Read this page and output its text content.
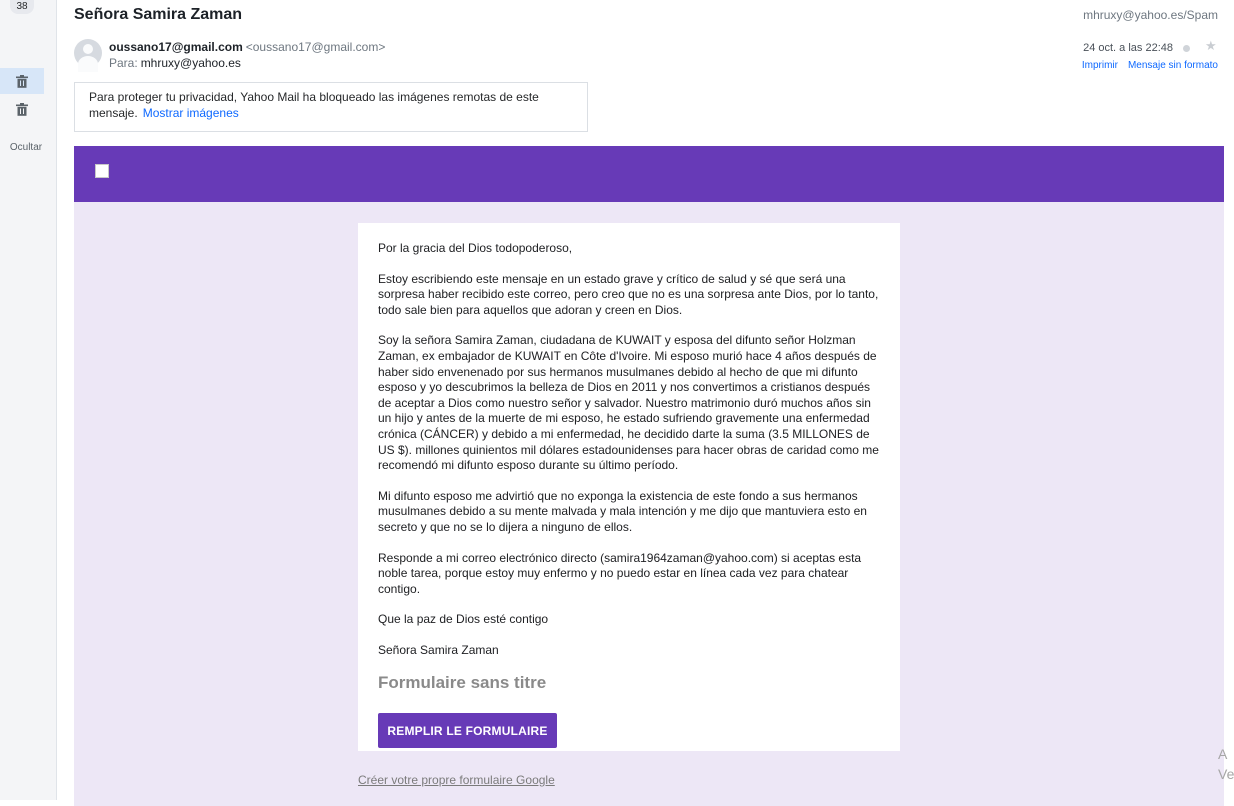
38
Ocultar
Señora Samira Zaman	mhruxy@yahoo.es/Spam
oussano17@gmail.com <oussano17@gmail.com>
Para: mhruxy@yahoo.es
24 oct. a las 22:48 ★
Imprimir Mensaje sin formato
Para proteger tu privacidad, Yahoo Mail ha bloqueado las imágenes remotas de este mensaje. Mostrar imágenes

Por la gracia del Dios todopoderoso,

Estoy escribiendo este mensaje en un estado grave y crítico de salud y sé que será una sorpresa haber recibido este correo, pero creo que no es una sorpresa ante Dios, por lo tanto, todo sale bien para aquellos que adoran y creen en Dios.

Soy la señora Samira Zaman, ciudadana de KUWAIT y esposa del difunto señor Holzman Zaman, ex embajador de KUWAIT en Côte d'Ivoire. Mi esposo murió hace 4 años después de haber sido envenenado por sus hermanos musulmanes debido al hecho de que mi difunto esposo y yo descubrimos la belleza de Dios en 2011 y nos convertimos a cristianos después de aceptar a Dios como nuestro señor y salvador. Nuestro matrimonio duró muchos años sin un hijo y antes de la muerte de mi esposo, he estado sufriendo gravemente una enfermedad crónica (CÁNCER) y debido a mi enfermedad, he decidido darte la suma (3.5 MILLONES de US $). millones quinientos mil dólares estadounidenses para hacer obras de caridad como me recomendó mi difunto esposo durante su último período.

Mi difunto esposo me advirtió que no exponga la existencia de este fondo a sus hermanos musulmanes debido a su mente malvada y mala intención y me dijo que mantuviera esto en secreto y que no se lo dijera a ninguno de ellos.

Responde a mi correo electrónico directo (samira1964zaman@yahoo.com) si aceptas esta noble tarea, porque estoy muy enfermo y no puedo estar en línea cada vez para chatear contigo.

Que la paz de Dios esté contigo

Señora Samira Zaman

Formulaire sans titre
REMPLIR LE FORMULAIRE
Créer votre propre formulaire Google
A Ve
